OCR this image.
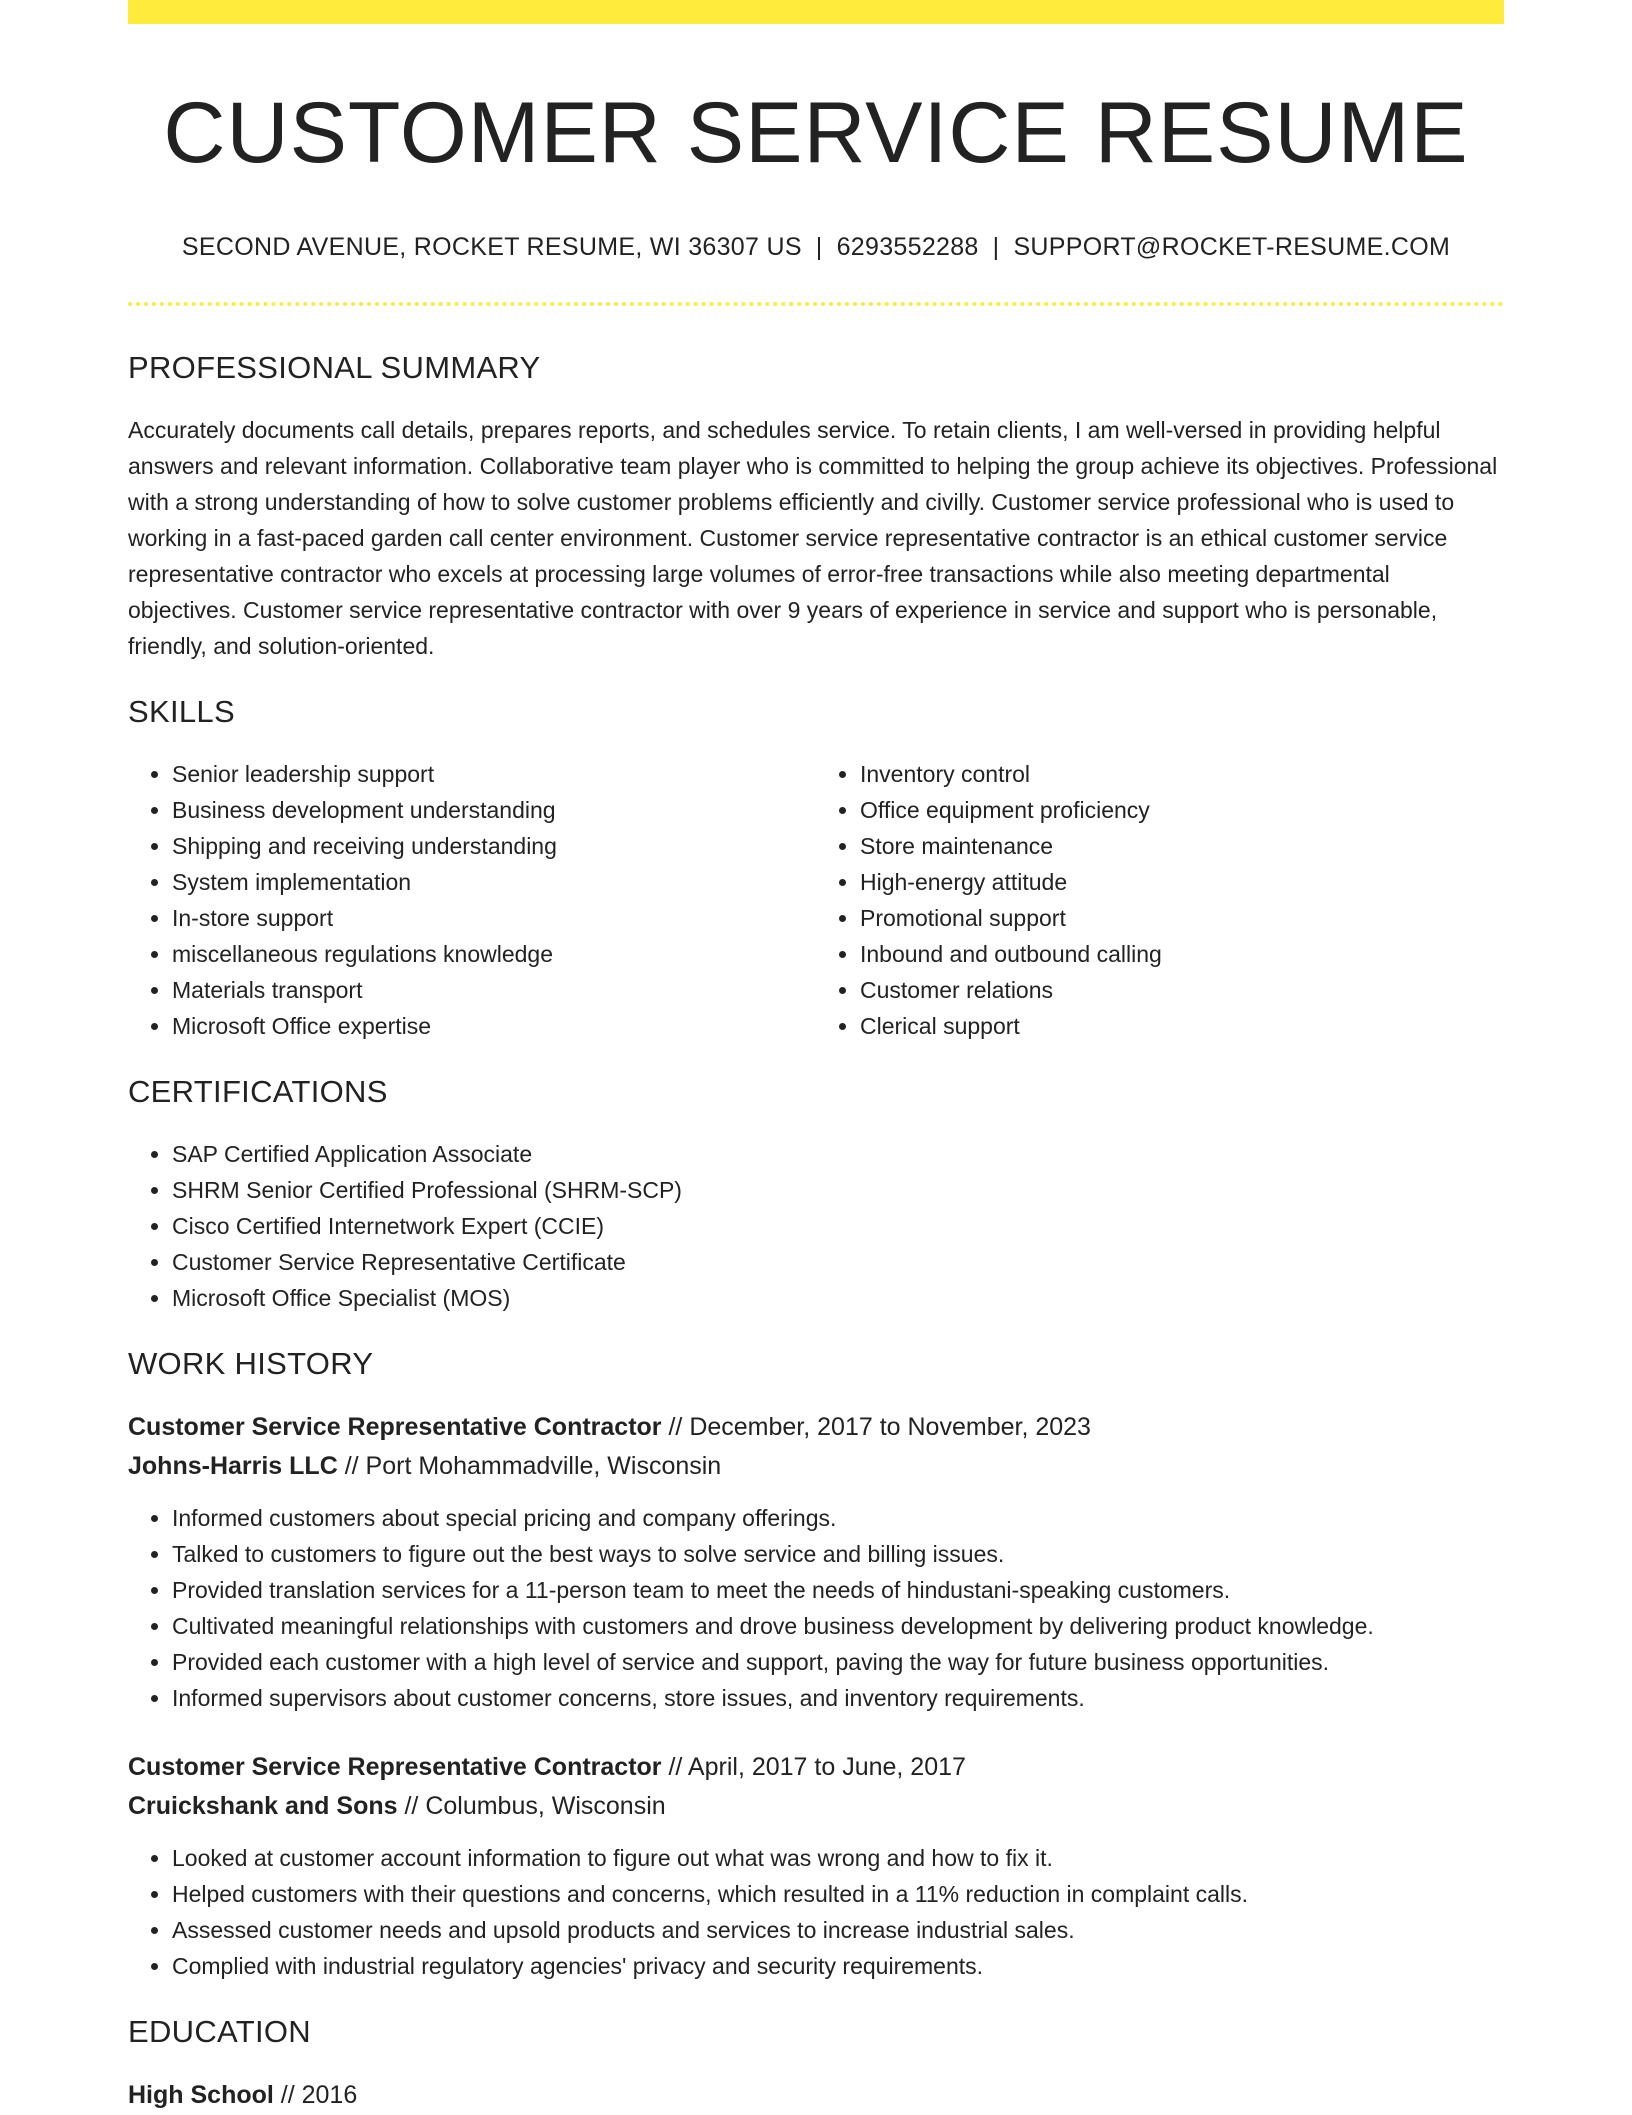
CUSTOMER SERVICE RESUME
SECOND AVENUE, ROCKET RESUME, WI 36307 US | 6293552288 | SUPPORT@ROCKET-RESUME.COM
PROFESSIONAL SUMMARY
Accurately documents call details, prepares reports, and schedules service. To retain clients, I am well-versed in providing helpful answers and relevant information. Collaborative team player who is committed to helping the group achieve its objectives. Professional with a strong understanding of how to solve customer problems efficiently and civilly. Customer service professional who is used to working in a fast-paced garden call center environment. Customer service representative contractor is an ethical customer service representative contractor who excels at processing large volumes of error-free transactions while also meeting departmental objectives. Customer service representative contractor with over 9 years of experience in service and support who is personable, friendly, and solution-oriented.
SKILLS
• Senior leadership support
• Business development understanding
• Shipping and receiving understanding
• System implementation
• In-store support
• miscellaneous regulations knowledge
• Materials transport
• Microsoft Office expertise
• Inventory control
• Office equipment proficiency
• Store maintenance
• High-energy attitude
• Promotional support
• Inbound and outbound calling
• Customer relations
• Clerical support
CERTIFICATIONS
• SAP Certified Application Associate
• SHRM Senior Certified Professional (SHRM-SCP)
• Cisco Certified Internetwork Expert (CCIE)
• Customer Service Representative Certificate
• Microsoft Office Specialist (MOS)
WORK HISTORY
Customer Service Representative Contractor // December, 2017 to November, 2023
Johns-Harris LLC // Port Mohammadville, Wisconsin
• Informed customers about special pricing and company offerings.
• Talked to customers to figure out the best ways to solve service and billing issues.
• Provided translation services for a 11-person team to meet the needs of hindustani-speaking customers.
• Cultivated meaningful relationships with customers and drove business development by delivering product knowledge.
• Provided each customer with a high level of service and support, paving the way for future business opportunities.
• Informed supervisors about customer concerns, store issues, and inventory requirements.
Customer Service Representative Contractor // April, 2017 to June, 2017
Cruickshank and Sons // Columbus, Wisconsin
• Looked at customer account information to figure out what was wrong and how to fix it.
• Helped customers with their questions and concerns, which resulted in a 11% reduction in complaint calls.
• Assessed customer needs and upsold products and services to increase industrial sales.
• Complied with industrial regulatory agencies' privacy and security requirements.
EDUCATION
High School // 2016
